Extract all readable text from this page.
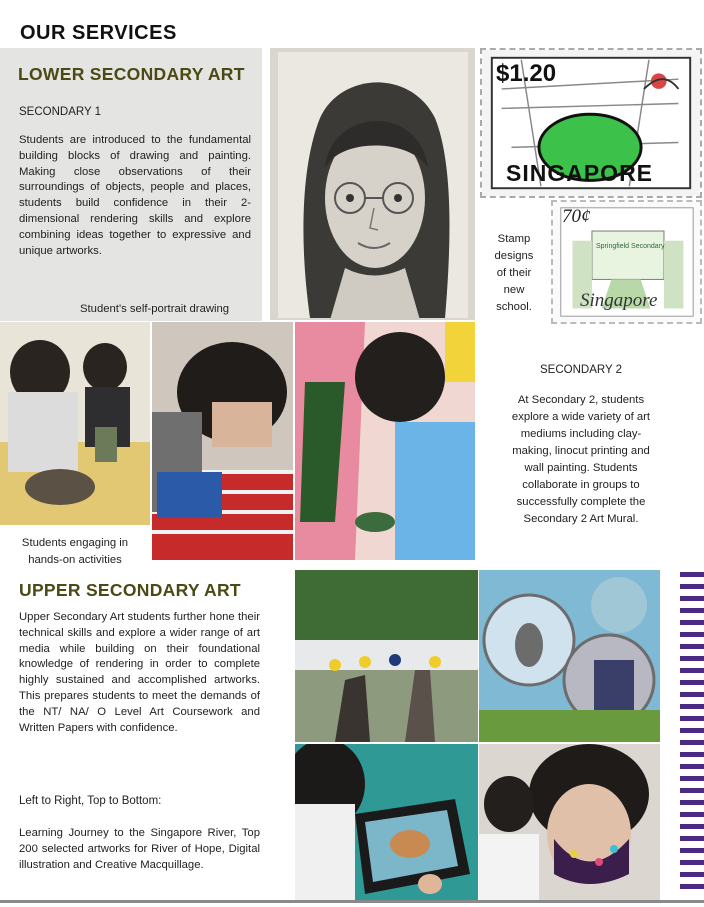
OUR SERVICES
LOWER SECONDARY ART
SECONDARY 1
Students are introduced to the fundamental building blocks of drawing and painting. Making close observations of their surroundings of objects, people and places, students build confidence in their 2-dimensional rendering skills and explore combining ideas together to expressive and unique artworks.
Student's self-portrait drawing
$1.20
SINGAPORE
Stamp
designs
of their
new
school.
70¢
Springfield Secondary
Singapore
Students engaging in
hands-on activities
SECONDARY 2
At Secondary 2, students
explore a wide variety of art
mediums including clay-
making, linocut printing and
wall painting. Students
collaborate in groups to
successfully complete the
Secondary 2 Art Mural.
UPPER SECONDARY ART
Upper Secondary Art students further hone their technical skills and explore a wider range of art media while building on their foundational knowledge of rendering in order to complete highly sustained and accomplished artworks. This prepares students to meet the demands of the NT/ NA/ O Level Art Coursework and Written Papers with confidence.
Left to Right, Top to Bottom:
Learning Journey to the Singapore River, Top 200 selected artworks for River of Hope, Digital illustration and Creative Macquillage.
